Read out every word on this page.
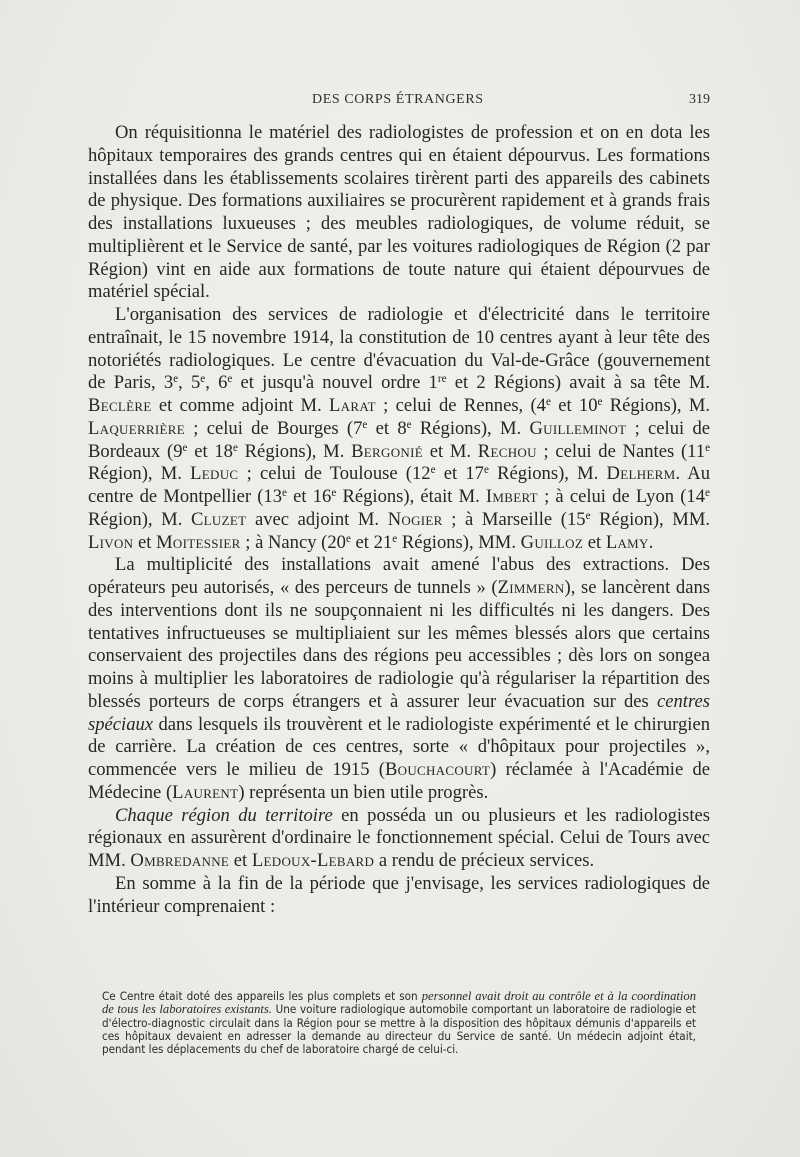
DES CORPS ÉTRANGERS	319

On réquisitionna le matériel des radiologistes de profession et on en dota les hôpitaux temporaires des grands centres qui en étaient dépourvus. Les formations installées dans les établissements scolaires tirèrent parti des appareils des cabinets de physique. Des formations auxiliaires se procurèrent rapidement et à grands frais des installations luxueuses ; des meubles radiologiques, de volume réduit, se multiplièrent et le Service de santé, par les voitures radiologiques de Région (2 par Région) vint en aide aux formations de toute nature qui étaient dépourvues de matériel spécial.

L'organisation des services de radiologie et d'électricité dans le territoire entraînait, le 15 novembre 1914, la constitution de 10 centres ayant à leur tête des notoriétés radiologiques. Le centre d'évacuation du Val-de-Grâce (gouvernement de Paris, 3e, 5e, 6e et jusqu'à nouvel ordre 1re et 2 Régions) avait à sa tête M. Beclère et comme adjoint M. Larat ; celui de Rennes, (4e et 10e Régions), M. Laquerrière ; celui de Bourges (7e et 8e Régions), M. Guilleminot ; celui de Bordeaux (9e et 18e Régions), M. Bergonié et M. Rechou ; celui de Nantes (11e Région), M. Leduc ; celui de Toulouse (12e et 17e Régions), M. Delherm. Au centre de Montpellier (13e et 16e Régions), était M. Imbert ; à celui de Lyon (14e Région), M. Cluzet avec adjoint M. Nogier ; à Marseille (15e Région), MM. Livon et Moitessier ; à Nancy (20e et 21e Régions), MM. Guilloz et Lamy.

La multiplicité des installations avait amené l'abus des extractions. Des opérateurs peu autorisés, « des perceurs de tunnels » (Zimmern), se lancèrent dans des interventions dont ils ne soupçonnaient ni les difficultés ni les dangers. Des tentatives infructueuses se multipliaient sur les mêmes blessés alors que certains conservaient des projectiles dans des régions peu accessibles ; dès lors on songea moins à multiplier les laboratoires de radiologie qu'à régulariser la répartition des blessés porteurs de corps étrangers et à assurer leur évacuation sur des centres spéciaux dans lesquels ils trouvèrent et le radiologiste expérimenté et le chirurgien de carrière. La création de ces centres, sorte « d'hôpitaux pour projectiles », commencée vers le milieu de 1915 (Bouchacourt) réclamée à l'Académie de Médecine (Laurent) représenta un bien utile progrès.

Chaque région du territoire en posséda un ou plusieurs et les radiologistes régionaux en assurèrent d'ordinaire le fonctionnement spécial. Celui de Tours avec MM. Ombredanne et Ledoux-Lebard a rendu de précieux services.

En somme à la fin de la période que j'envisage, les services radiologiques de l'intérieur comprenaient :

Ce Centre était doté des appareils les plus complets et son personnel avait droit au contrôle et à la coordination de tous les laboratoires existants. Une voiture radiologique automobile comportant un laboratoire de radiologie et d'électro-diagnostic circulait dans la Région pour se mettre à la disposition des hôpitaux démunis d'appareils et ces hôpitaux devaient en adresser la demande au directeur du Service de santé. Un médecin adjoint était, pendant les déplacements du chef de laboratoire chargé de celui-ci.
